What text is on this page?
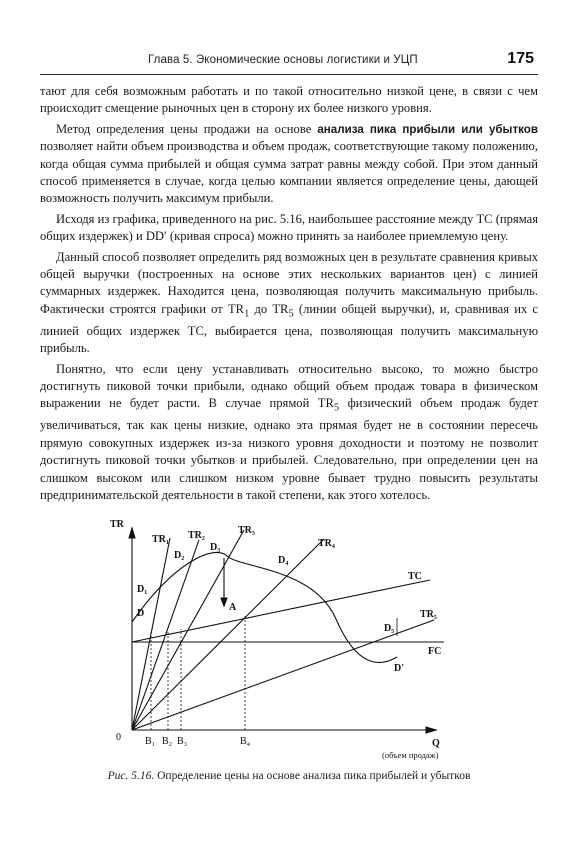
Глава 5. Экономические основы логистики и УЦП	175

тают для себя возможным работать и по такой относительно низкой цене, в связи с чем происходит смещение рыночных цен в сторону их более низкого уровня.

Метод определения цены продажи на основе анализа пика прибыли или убытков позволяет найти объем производства и объем продаж, соответствующие такому положению, когда общая сумма прибылей и общая сумма затрат равны между собой. При этом данный способ применяется в случае, когда целью компании является определение цены, дающей возможность получить максимум прибыли.

Исходя из графика, приведенного на рис. 5.16, наибольшее расстояние между TC (прямая общих издержек) и DD′ (кривая спроса) можно принять за наиболее приемлемую цену.

Данный способ позволяет определить ряд возможных цен в результате сравнения кривых общей выручки (построенных на основе этих нескольких вариантов цен) с линией суммарных издержек. Находится цена, позволяющая получить максимальную прибыль. Фактически строятся графики от $TR_1$ до $TR_5$ (линии общей выручки), и, сравнивая их с линией общих издержек TC, выбирается цена, позволяющая получить максимальную прибыль.

Понятно, что если цену устанавливать относительно высоко, то можно быстро достигнуть пиковой точки прибыли, однако общий объем продаж товара в физическом выражении не будет расти. В случае прямой $TR_5$ физический объем продаж будет увеличиваться, так как цены низкие, однако эта прямая будет не в состоянии пересечь прямую совокупных издержек из-за низкого уровня доходности и поэтому не позволит достигнуть пиковой точки убытков и прибылей. Следовательно, при определении цен на слишком высоком или слишком низком уровне бывает трудно повысить результаты предпринимательской деятельности в такой степени, как этого хотелось.

TR
TR₁ TR₂	TR₃
TR₄
TC
TR₅
FC
D₃
D₂	D₄
D₁
D
A
D₅
D'
0 B₁ B₂ B₃	B₄	Q
(объем продаж)
Рис. 5.16. Определение цены на основе анализа пика прибылей и убытков
